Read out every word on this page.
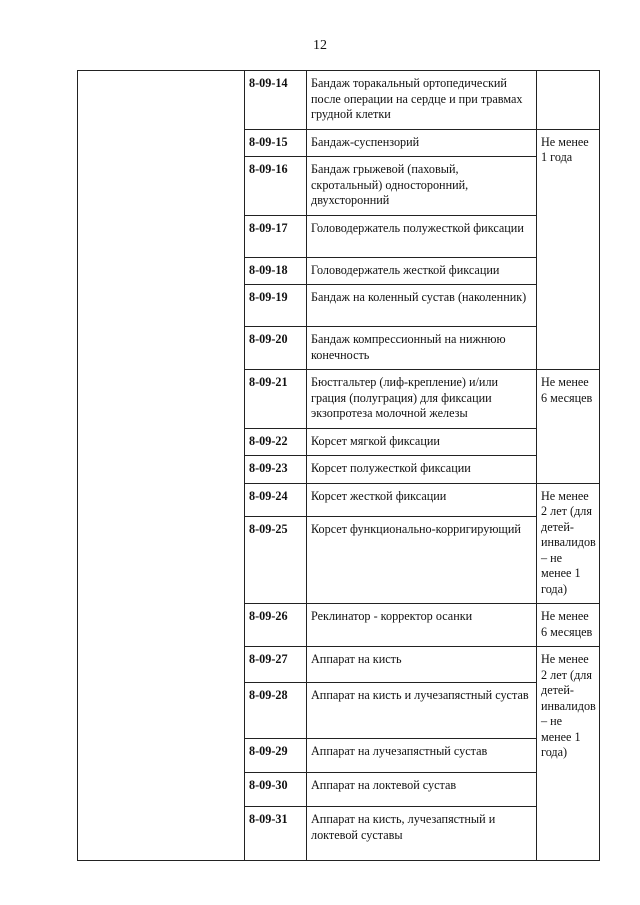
12
	8-09-14	Бандаж торакальный ортопедический после операции на сердце и при травмах грудной клетки	
	8-09-15	Бандаж-суспензорий	Не менее 1 года
	8-09-16	Бандаж грыжевой (паховый, скротальный) односторонний, двухсторонний	
	8-09-17	Головодержатель полужесткой фиксации	
	8-09-18	Головодержатель жесткой фиксации	
	8-09-19	Бандаж на коленный сустав (наколенник)	
	8-09-20	Бандаж компрессионный на нижнюю конечность	
	8-09-21	Бюстгальтер (лиф-крепление) и/или грация (полуграция) для фиксации экзопротеза молочной железы	Не менее 6 месяцев
	8-09-22	Корсет мягкой фиксации	
	8-09-23	Корсет полужесткой фиксации	
	8-09-24	Корсет жесткой фиксации	Не менее 2 лет (для детей-инвалидов – не менее 1 года)
	8-09-25	Корсет функционально-корригирующий	
	8-09-26	Реклинатор - корректор осанки	Не менее 6 месяцев
	8-09-27	Аппарат на кисть	Не менее 2 лет (для детей-инвалидов – не менее 1 года)
	8-09-28	Аппарат на кисть и лучезапястный сустав	
	8-09-29	Аппарат на лучезапястный сустав	
	8-09-30	Аппарат на локтевой сустав	
	8-09-31	Аппарат на кисть, лучезапястный и локтевой суставы	
